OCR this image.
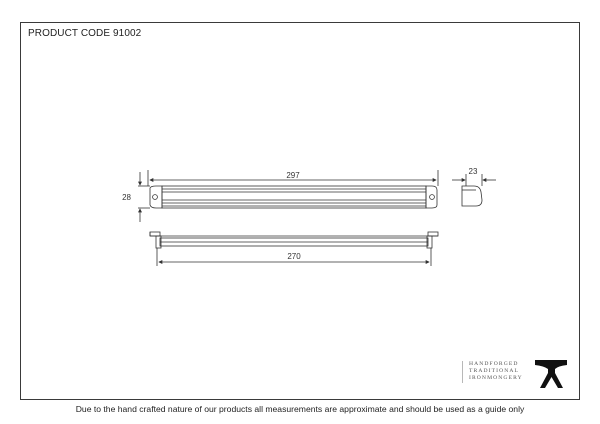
PRODUCT CODE 91002
297
28
23
270
HANDFORGED
TRADITIONAL
IRONMONGERY
Due to the hand crafted nature of our products all measurements are approximate and should be used as a guide only
